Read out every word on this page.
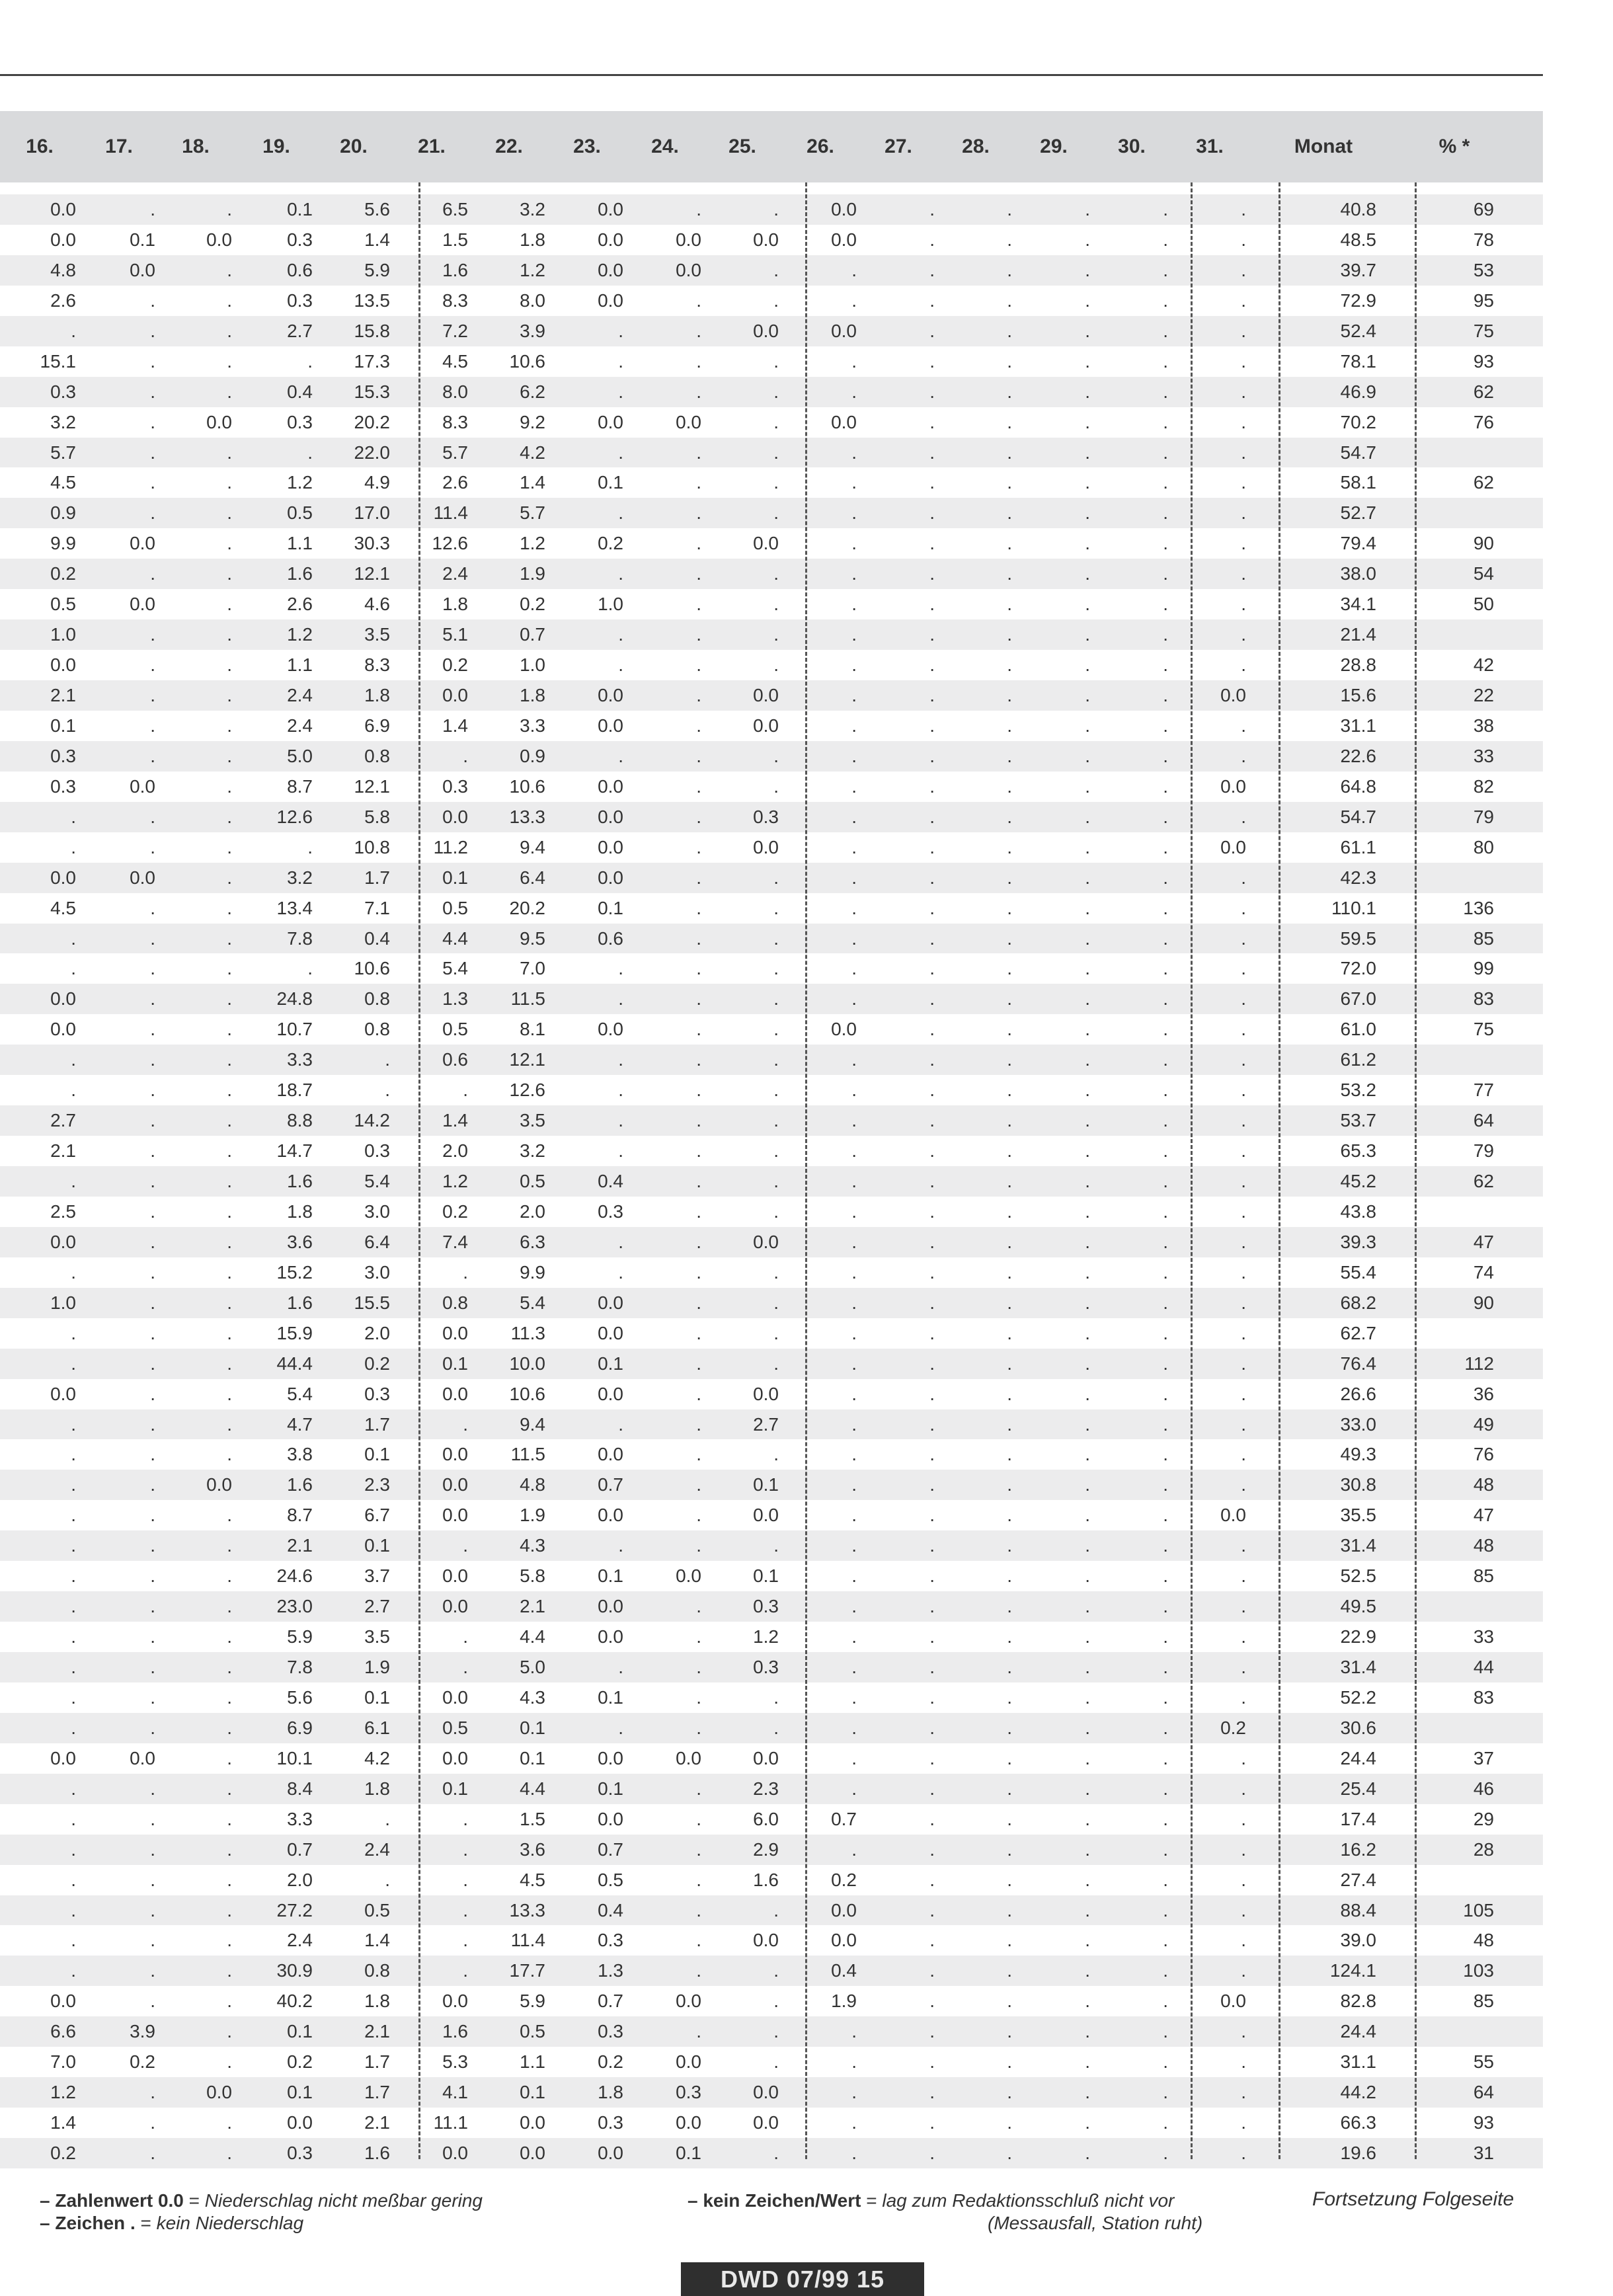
16.	17.	18.	19.	20.	21.	22.	23.	24.	25.	26.	27.	28.	29.	30.	31.	Monat	% *
0.0	.	.	0.1	5.6	6.5	3.2	0.0	.	.	0.0	.	.	.	.	.	40.8	69
0.0	0.1	0.0	0.3	1.4	1.5	1.8	0.0	0.0	0.0	0.0	.	.	.	.	.	48.5	78
4.8	0.0	.	0.6	5.9	1.6	1.2	0.0	0.0	.	.	.	.	.	.	.	39.7	53
2.6	.	.	0.3	13.5	8.3	8.0	0.0	.	.	.	.	.	.	.	.	72.9	95
.	.	.	2.7	15.8	7.2	3.9	.	.	0.0	0.0	.	.	.	.	.	52.4	75
15.1	.	.	.	17.3	4.5	10.6	.	.	.	.	.	.	.	.	.	78.1	93
0.3	.	.	0.4	15.3	8.0	6.2	.	.	.	.	.	.	.	.	.	46.9	62
3.2	.	0.0	0.3	20.2	8.3	9.2	0.0	0.0	.	0.0	.	.	.	.	.	70.2	76
5.7	.	.	.	22.0	5.7	4.2	.	.	.	.	.	.	.	.	.	54.7
4.5	.	.	1.2	4.9	2.6	1.4	0.1	.	.	.	.	.	.	.	.	58.1	62
0.9	.	.	0.5	17.0	11.4	5.7	.	.	.	.	.	.	.	.	.	52.7
9.9	0.0	.	1.1	30.3	12.6	1.2	0.2	.	0.0	.	.	.	.	.	.	79.4	90
0.2	.	.	1.6	12.1	2.4	1.9	.	.	.	.	.	.	.	.	.	38.0	54
0.5	0.0	.	2.6	4.6	1.8	0.2	1.0	.	.	.	.	.	.	.	.	34.1	50
1.0	.	.	1.2	3.5	5.1	0.7	.	.	.	.	.	.	.	.	.	21.4
0.0	.	.	1.1	8.3	0.2	1.0	.	.	.	.	.	.	.	.	.	28.8	42
2.1	.	.	2.4	1.8	0.0	1.8	0.0	.	0.0	.	.	.	.	.	0.0	15.6	22
0.1	.	.	2.4	6.9	1.4	3.3	0.0	.	0.0	.	.	.	.	.	.	31.1	38
0.3	.	.	5.0	0.8	.	0.9	.	.	.	.	.	.	.	.	.	22.6	33
0.3	0.0	.	8.7	12.1	0.3	10.6	0.0	.	.	.	.	.	.	.	0.0	64.8	82
.	.	.	12.6	5.8	0.0	13.3	0.0	.	0.3	.	.	.	.	.	.	54.7	79
.	.	.	.	10.8	11.2	9.4	0.0	.	0.0	.	.	.	.	.	0.0	61.1	80
0.0	0.0	.	3.2	1.7	0.1	6.4	0.0	.	.	.	.	.	.	.	.	42.3
4.5	.	.	13.4	7.1	0.5	20.2	0.1	.	.	.	.	.	.	.	.	110.1	136
.	.	.	7.8	0.4	4.4	9.5	0.6	.	.	.	.	.	.	.	.	59.5	85
.	.	.	.	10.6	5.4	7.0	.	.	.	.	.	.	.	.	.	72.0	99
0.0	.	.	24.8	0.8	1.3	11.5	.	.	.	.	.	.	.	.	.	67.0	83
0.0	.	.	10.7	0.8	0.5	8.1	0.0	.	.	0.0	.	.	.	.	.	61.0	75
.	.	.	3.3	.	0.6	12.1	.	.	.	.	.	.	.	.	.	61.2
.	.	.	18.7	.	.	12.6	.	.	.	.	.	.	.	.	.	53.2	77
2.7	.	.	8.8	14.2	1.4	3.5	.	.	.	.	.	.	.	.	.	53.7	64
2.1	.	.	14.7	0.3	2.0	3.2	.	.	.	.	.	.	.	.	.	65.3	79
.	.	.	1.6	5.4	1.2	0.5	0.4	.	.	.	.	.	.	.	.	45.2	62
2.5	.	.	1.8	3.0	0.2	2.0	0.3	.	.	.	.	.	.	.	.	43.8
0.0	.	.	3.6	6.4	7.4	6.3	.	.	0.0	.	.	.	.	.	.	39.3	47
.	.	.	15.2	3.0	.	9.9	.	.	.	.	.	.	.	.	.	55.4	74
1.0	.	.	1.6	15.5	0.8	5.4	0.0	.	.	.	.	.	.	.	.	68.2	90
.	.	.	15.9	2.0	0.0	11.3	0.0	.	.	.	.	.	.	.	.	62.7
.	.	.	44.4	0.2	0.1	10.0	0.1	.	.	.	.	.	.	.	.	76.4	112
0.0	.	.	5.4	0.3	0.0	10.6	0.0	.	0.0	.	.	.	.	.	.	26.6	36
.	.	.	4.7	1.7	.	9.4	.	.	2.7	.	.	.	.	.	.	33.0	49
.	.	.	3.8	0.1	0.0	11.5	0.0	.	.	.	.	.	.	.	.	49.3	76
.	.	0.0	1.6	2.3	0.0	4.8	0.7	.	0.1	.	.	.	.	.	.	30.8	48
.	.	.	8.7	6.7	0.0	1.9	0.0	.	0.0	.	.	.	.	.	0.0	35.5	47
.	.	.	2.1	0.1	.	4.3	.	.	.	.	.	.	.	.	.	31.4	48
.	.	.	24.6	3.7	0.0	5.8	0.1	0.0	0.1	.	.	.	.	.	.	52.5	85
.	.	.	23.0	2.7	0.0	2.1	0.0	.	0.3	.	.	.	.	.	.	49.5
.	.	.	5.9	3.5	.	4.4	0.0	.	1.2	.	.	.	.	.	.	22.9	33
.	.	.	7.8	1.9	.	5.0	.	.	0.3	.	.	.	.	.	.	31.4	44
.	.	.	5.6	0.1	0.0	4.3	0.1	.	.	.	.	.	.	.	.	52.2	83
.	.	.	6.9	6.1	0.5	0.1	.	.	.	.	.	.	.	.	0.2	30.6
0.0	0.0	.	10.1	4.2	0.0	0.1	0.0	0.0	0.0	.	.	.	.	.	.	24.4	37
.	.	.	8.4	1.8	0.1	4.4	0.1	.	2.3	.	.	.	.	.	.	25.4	46
.	.	.	3.3	.	.	1.5	0.0	.	6.0	0.7	.	.	.	.	.	17.4	29
.	.	.	0.7	2.4	.	3.6	0.7	.	2.9	.	.	.	.	.	.	16.2	28
.	.	.	2.0	.	.	4.5	0.5	.	1.6	0.2	.	.	.	.	.	27.4
.	.	.	27.2	0.5	.	13.3	0.4	.	.	0.0	.	.	.	.	.	88.4	105
.	.	.	2.4	1.4	.	11.4	0.3	.	0.0	0.0	.	.	.	.	.	39.0	48
.	.	.	30.9	0.8	.	17.7	1.3	.	.	0.4	.	.	.	.	.	124.1	103
0.0	.	.	40.2	1.8	0.0	5.9	0.7	0.0	.	1.9	.	.	.	.	0.0	82.8	85
6.6	3.9	.	0.1	2.1	1.6	0.5	0.3	.	.	.	.	.	.	.	.	24.4
7.0	0.2	.	0.2	1.7	5.3	1.1	0.2	0.0	.	.	.	.	.	.	.	31.1	55
1.2	.	0.0	0.1	1.7	4.1	0.1	1.8	0.3	0.0	.	.	.	.	.	.	44.2	64
1.4	.	.	0.0	2.1	11.1	0.0	0.3	0.0	0.0	.	.	.	.	.	.	66.3	93
0.2	.	.	0.3	1.6	0.0	0.0	0.0	0.1	.	.	.	.	.	.	.	19.6	31
– Zahlenwert 0.0 = Niederschlag nicht meßbar gering
– Zeichen . = kein Niederschlag
– kein Zeichen/Wert = lag zum Redaktionsschluß nicht vor
(Messausfall, Station ruht)
Fortsetzung Folgeseite
DWD 07/99 15
